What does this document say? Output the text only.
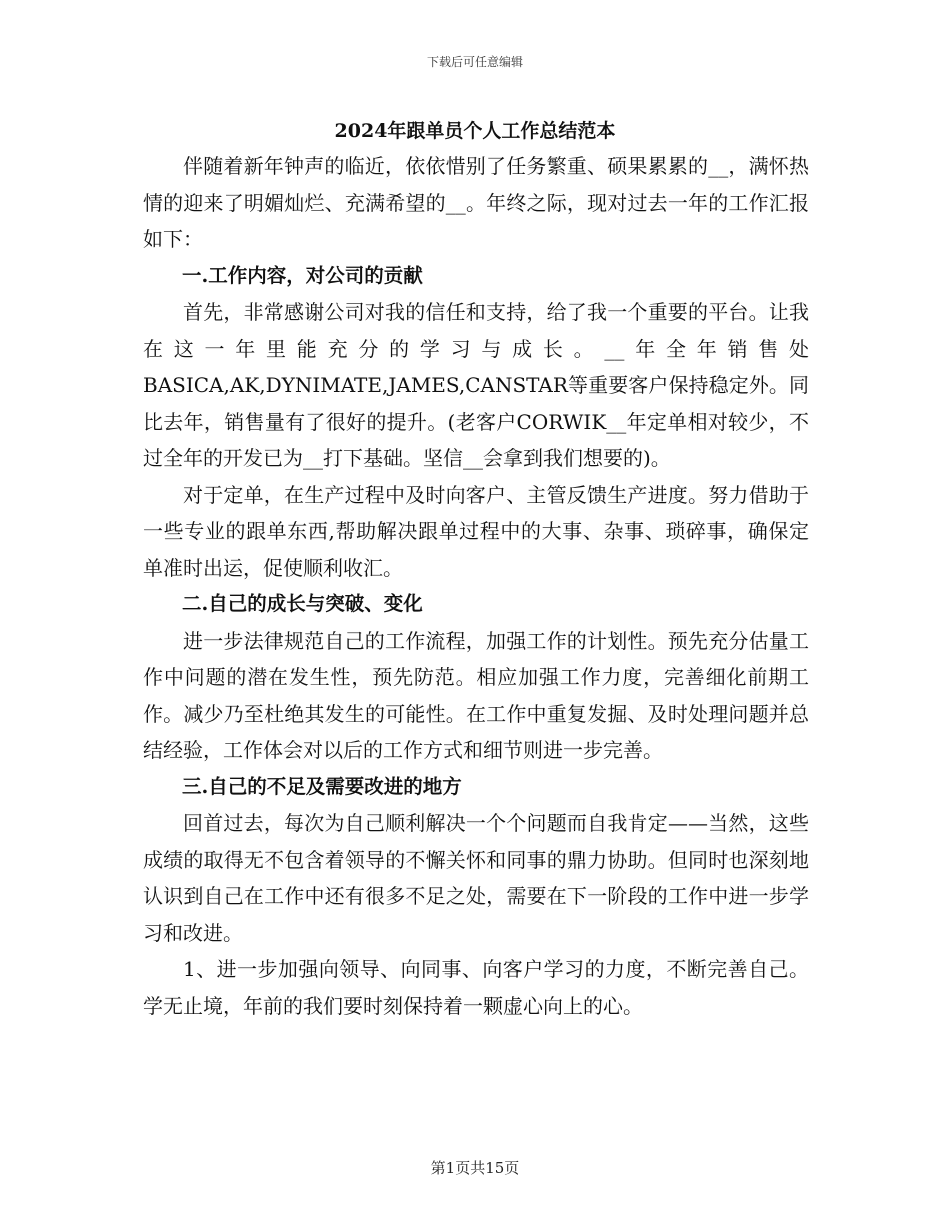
下载后可任意编辑
2024年跟单员个人工作总结范本

伴随着新年钟声的临近，依依惜别了任务繁重、硕果累累的__，满怀热情的迎来了明媚灿烂、充满希望的__。年终之际，现对过去一年的工作汇报如下：

一.工作内容，对公司的贡献

首先，非常感谢公司对我的信任和支持，给了我一个重要的平台。让我在这一年里能充分的学习与成长。__年全年销售处BASICA,AK,DYNIMATE,JAMES,CANSTAR等重要客户保持稳定外。同比去年，销售量有了很好的提升。(老客户CORWIK__年定单相对较少，不过全年的开发已为__打下基础。坚信__会拿到我们想要的)。

对于定单，在生产过程中及时向客户、主管反馈生产进度。努力借助于一些专业的跟单东西,帮助解决跟单过程中的大事、杂事、琐碎事，确保定单准时出运，促使顺利收汇。

二.自己的成长与突破、变化

进一步法律规范自己的工作流程，加强工作的计划性。预先充分估量工作中问题的潜在发生性，预先防范。相应加强工作力度，完善细化前期工作。减少乃至杜绝其发生的可能性。在工作中重复发掘、及时处理问题并总结经验，工作体会对以后的工作方式和细节则进一步完善。

三.自己的不足及需要改进的地方

回首过去，每次为自己顺利解决一个个问题而自我肯定——当然，这些成绩的取得无不包含着领导的不懈关怀和同事的鼎力协助。但同时也深刻地认识到自己在工作中还有很多不足之处，需要在下一阶段的工作中进一步学习和改进。

1、进一步加强向领导、向同事、向客户学习的力度，不断完善自己。学无止境，年前的我们要时刻保持着一颗虚心向上的心。

第1页共15页
